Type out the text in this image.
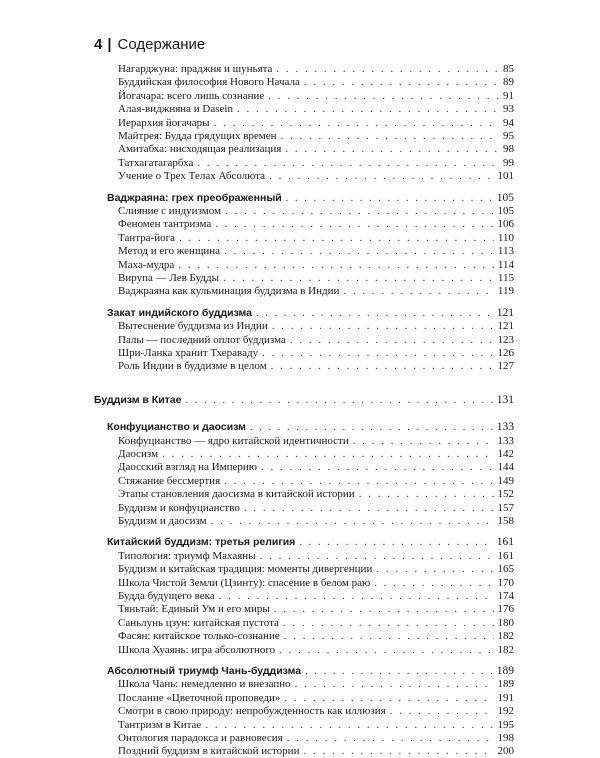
4 | Содержание
Нагарджуна: праджня и шуньята . . .	85
Буддийская философия Нового Начала . . .	89
Йогачара: всего лишь сознание . . .	91
Алая-виджняна и Dasein . . .	93
Иерархия йогачары . . .	94
Майтрея: Будда грядущих времен . . .	95
Амитабха: нисходящая реализация . . .	98
Татхагатагарбха . . .	99
Учение о Трех Телах Абсолюта . . .	101
Ваджраяна: грех преображенный . . .	105
Слияние с индуизмом . . .	105
Феномен тантризма . . .	106
Тантра-йога . . .	110
Метод и его женщина . . .	113
Маха-мудра . . .	114
Вирупа — Лев Будды . . .	115
Ваджраяна как кульминация буддизма в Индии . . .	119
Закат индийского буддизма . . .	121
Вытеснение буддизма из Индии . . .	121
Палы — последний оплот буддизма . . .	123
Шри-Ланка хранит Тхераваду . . .	126
Роль Индии в буддизме в целом . . .	127
Буддизм в Китае . . .	131
Конфуцианство и даосизм . . .	133
Конфуцианство — ядро китайской идентичности . . .	133
Даосизм . . .	142
Даосский взгляд на Империю . . .	144
Стяжание бессмертия . . .	149
Этапы становления даосизма в китайской истории . . .	152
Буддизм и конфуцианство . . .	157
Буддизм и даосизм . . .	158
Китайский буддизм: третья религия . . .	161
Типология: триумф Махаяны . . .	161
Буддизм и китайская традиция: моменты дивергенции . . .	165
Школа Чистой Земли (Цзинту): спасение в белом раю . . .	170
Будда будущего века . . .	174
Тяньтай: Единый Ум и его миры . . .	176
Саньлунь цзун: китайская пустота . . .	180
Фасян: китайское только-сознание . . .	182
Школа Хуаянь: игра абсолютного . . .	182
Абсолютный триумф Чань-буддизма . . .	189
Школа Чань: немедленно и внезапно . . .	189
Послание «Цветочной проповеди» . . .	191
Смотри в свою природу: непробужденность как иллюзия . . .	192
Тантризм в Китае . . .	195
Онтология парадокса и равновесия . . .	198
Поздний буддизм в китайской истории . . .	200
